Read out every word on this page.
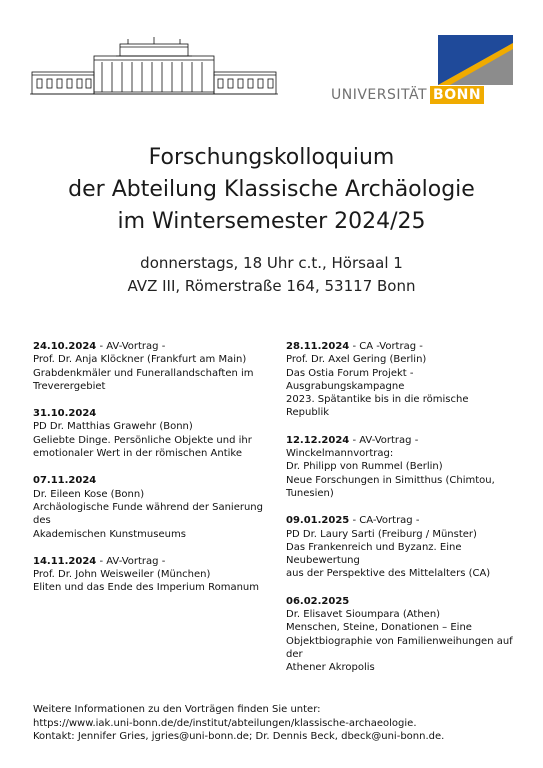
UNIVERSITÄT BONN
Forschungskolloquium
der Abteilung Klassische Archäologie
im Wintersemester 2024/25
donnerstags, 18 Uhr c.t., Hörsaal 1
AVZ III, Römerstraße 164, 53117 Bonn

24.10.2024 - AV-Vortrag -

Prof. Dr. Anja Klöckner (Frankfurt am Main)

Grabdenkmäler und Funerallandschaften im

Treverergebiet

31.10.2024

PD Dr. Matthias Grawehr (Bonn)

Geliebte Dinge. Persönliche Objekte und ihr

emotionaler Wert in der römischen Antike

07.11.2024

Dr. Eileen Kose (Bonn)

Archäologische Funde während der Sanierung des

Akademischen Kunstmuseums

14.11.2024 - AV-Vortrag -

Prof. Dr. John Weisweiler (München)

Eliten und das Ende des Imperium Romanum

28.11.2024 - CA -Vortrag -

Prof. Dr. Axel Gering (Berlin)

Das Ostia Forum Projekt - Ausgrabungskampagne

2023. Spätantike bis in die römische

Republik

12.12.2024 - AV-Vortrag -

Winckelmannvortrag:

Dr. Philipp von Rummel (Berlin)

Neue Forschungen in Simitthus (Chimtou,

Tunesien)

09.01.2025 - CA-Vortrag -

PD Dr. Laury Sarti (Freiburg / Münster)

Das Frankenreich und Byzanz. Eine Neubewertung

aus der Perspektive des Mittelalters (CA)

06.02.2025

Dr. Elisavet Sioumpara (Athen)

Menschen, Steine, Donationen – Eine

Objektbiographie von Familienweihungen auf der

Athener Akropolis

Weitere Informationen zu den Vorträgen finden Sie unter:
https://www.iak.uni-bonn.de/de/institut/abteilungen/klassische-archaeologie.
Kontakt: Jennifer Gries, jgries@uni-bonn.de; Dr. Dennis Beck, dbeck@uni-bonn.de.
